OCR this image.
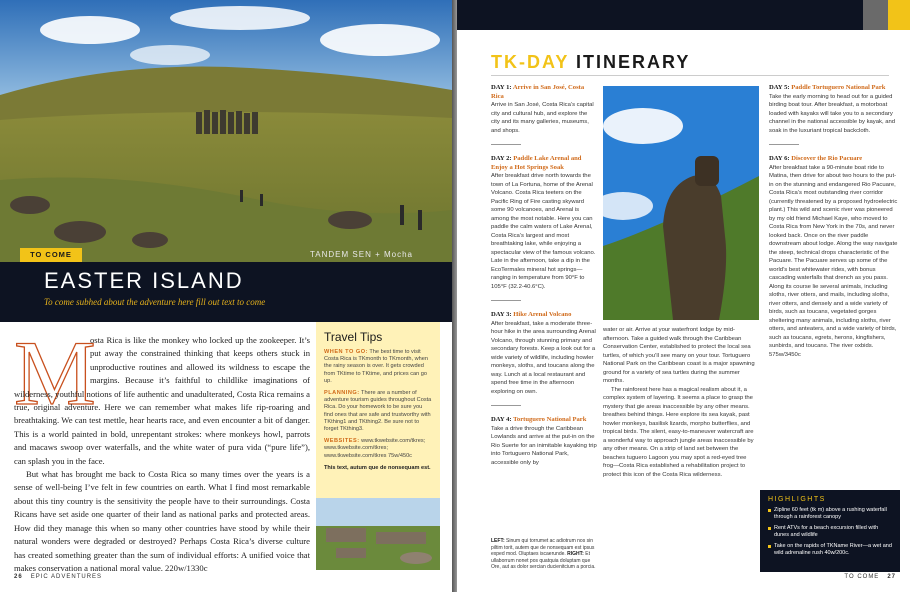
TANDEM SEN + Mocha
TO COME
EASTER ISLAND
To come subhed about the adventure here fill out text to come
M

osta Rica is like the monkey who locked up the zookeeper. It’s put away the constrained thinking that keeps others stuck in unproductive routines and allowed its wildness to escape the margins. Because it’s faithful to childlike imaginations of wilderness, youthful notions of life authentic and unadulterated, Costa Rica remains a true, original adventure. Here we can remember what makes life rip-roaring and breathtaking. We can test mettle, hear hearts race, and even encounter a bit of danger. This is a world painted in bold, unrepentant strokes: where monkeys howl, parrots and macaws swoop over waterfalls, and the white water of pura vida (“pure life”), can splash you in the face.

But what has brought me back to Costa Rica so many times over the years is a sense of well-being I’ve felt in few countries on earth. What I find most remarkable about this tiny country is the sensitivity the people have to their surroundings. Costa Ricans have set aside one quarter of their land as national parks and protected areas. How did they manage this when so many other countries have stood by while their natural wonders were degraded or destroyed? Perhaps Costa Rica’s diverse culture has created something greater than the sum of individual efforts: A unified voice that makes conservation a national moral value. 220w/1330c

Travel Tips

WHEN TO GO: The best time to visit Costa Rica is TKmonth to TKmonth, when the rainy season is over. It gets crowded from TKtime to TKtime, and prices can go up.

PLANNING: There are a number of adventure tourism guides throughout Costa Rica. Do your homework to be sure you find ones that are safe and trustworthy with TKthing1 and TKthing2. Be sure not to forget TKthing3.

WEBSITES: www.tkwebsite.com/tkres; www.tkwebsite.com/tkres; www.tkwebsite.com/tkres 75w/450c

This text, autum que de nonsequam est.

26 EPIC ADVENTURES
TK-DAY ITINERARY

DAY 1: Arrive in San José, Costa Rica

Arrive in San José, Costa Rica’s capital city and cultural hub, and explore the city and its many galleries, museums, and shops.

DAY 2: Paddle Lake Arenal and Enjoy a Hot Springs Soak

After breakfast drive north towards the town of La Fortuna, home of the Arenal Volcano. Costa Rica teeters on the Pacific Ring of Fire casting skyward some 90 volcanoes, and Arenal is among the most notable. Here you can paddle the calm waters of Lake Arenal, Costa Rica’s largest and most breathtaking lake, while enjoying a spectacular view of the famous volcano. Late in the afternoon, take a dip in the EcoTermales mineral hot springs—ranging in temperature from 90°F to 105°F (32.2-40.6°C).

DAY 3: Hike Arenal Volcano

After breakfast, take a moderate three-hour hike in the area surrounding Arenal Volcano, through stunning primary and secondary forests. Keep a look out for a wide variety of wildlife, including howler monkeys, sloths, and toucans along the way. Lunch at a local restaurant and spend free time in the afternoon exploring on own.

DAY 4: Tortuguero National Park

Take a drive through the Caribbean Lowlands and arrive at the put-in on the Rio Suerte for an inimitable kayaking trip into Tortuguero National Park, accessible only by

water or air. Arrive at your waterfront lodge by mid-afternoon. Take a guided walk through the Caribbean Conservation Center, established to protect the local sea turtles, of which you’ll see many on your tour. Tortuguero National Park on the Caribbean coast is a major spawning ground for a variety of sea turtles during the summer months.

The rainforest here has a magical realism about it, a complex system of layering. It seems a place to grasp the mystery that gie areas inaccessible by any other means. breathes behind things. Here explore its sea kayak, past howler monkeys, basilisk lizards, morpho butterflies, and tropical birds. The silent, easy-to-maneuver watercraft are a wonderful way to approach jungle areas inaccessible by any other means. On a strip of land set between the beaches tuguero Lagoon you may spot a red-eyed tree frog—Costa Rica established a rehabilitation project to protect this icon of the Costa Rica wilderness.

DAY 5: Paddle Tortuguero National Park

Take the early morning to head out for a guided birding boat tour. After breakfast, a motorboat loaded with kayaks will take you to a secondary channel in the national accessible by kayak, and soak in the luxuriant tropical backcloth.

DAY 6: Discover the Rio Pacuare

After breakfast take a 90-minute boat ride to Matina, then drive for about two hours to the put-in on the stunning and endangered Rio Pacuare, Costa Rica’s most outstanding river corridor (currently threatened by a proposed hydroelectric plant.) This wild and scenic river was pioneered by my old friend Michael Kaye, who moved to Costa Rica from New York in the 70s, and never looked back. Once on the river paddle downstream about lodge. Along the way navigate the steep, technical drops characteristic of the Pacuare. The Pacuare serves up some of the world’s best whitewater rides, with bonus cascading waterfalls that drench as you pass. Along its course lie several animals, including sloths, river otters, and mails, including sloths, river otters, and densely and a wide variety of birds, such as toucans, vegetated gorges sheltering many animals, including sloths, river otters, and anteaters, and a wide variety of birds, such as toucans, egrets, herons, kingfishers, sunbirds, and toucans. The river oxbids. 575w/3450c

HIGHLIGHTS
Zipline 60 feet (tk m) above a rushing waterfall through a rainforest canopy
Rent ATVs for a beach excursion filled with dunes and wildlife
Take on the rapids of TKName River—a wet and wild adrenaline rush 40w/200c.
LEFT: Sinum qui torrumet ac adiotrum nos sin piltim torit, autem que de nonsequam est ipsus exped mod. Oluptaes iscaerunde. RIGHT: Et ullaborrum nonet pos quatquia doluptam que Ore, aut as dolor sercian ducienitcium a porcia.
TO COME 27
